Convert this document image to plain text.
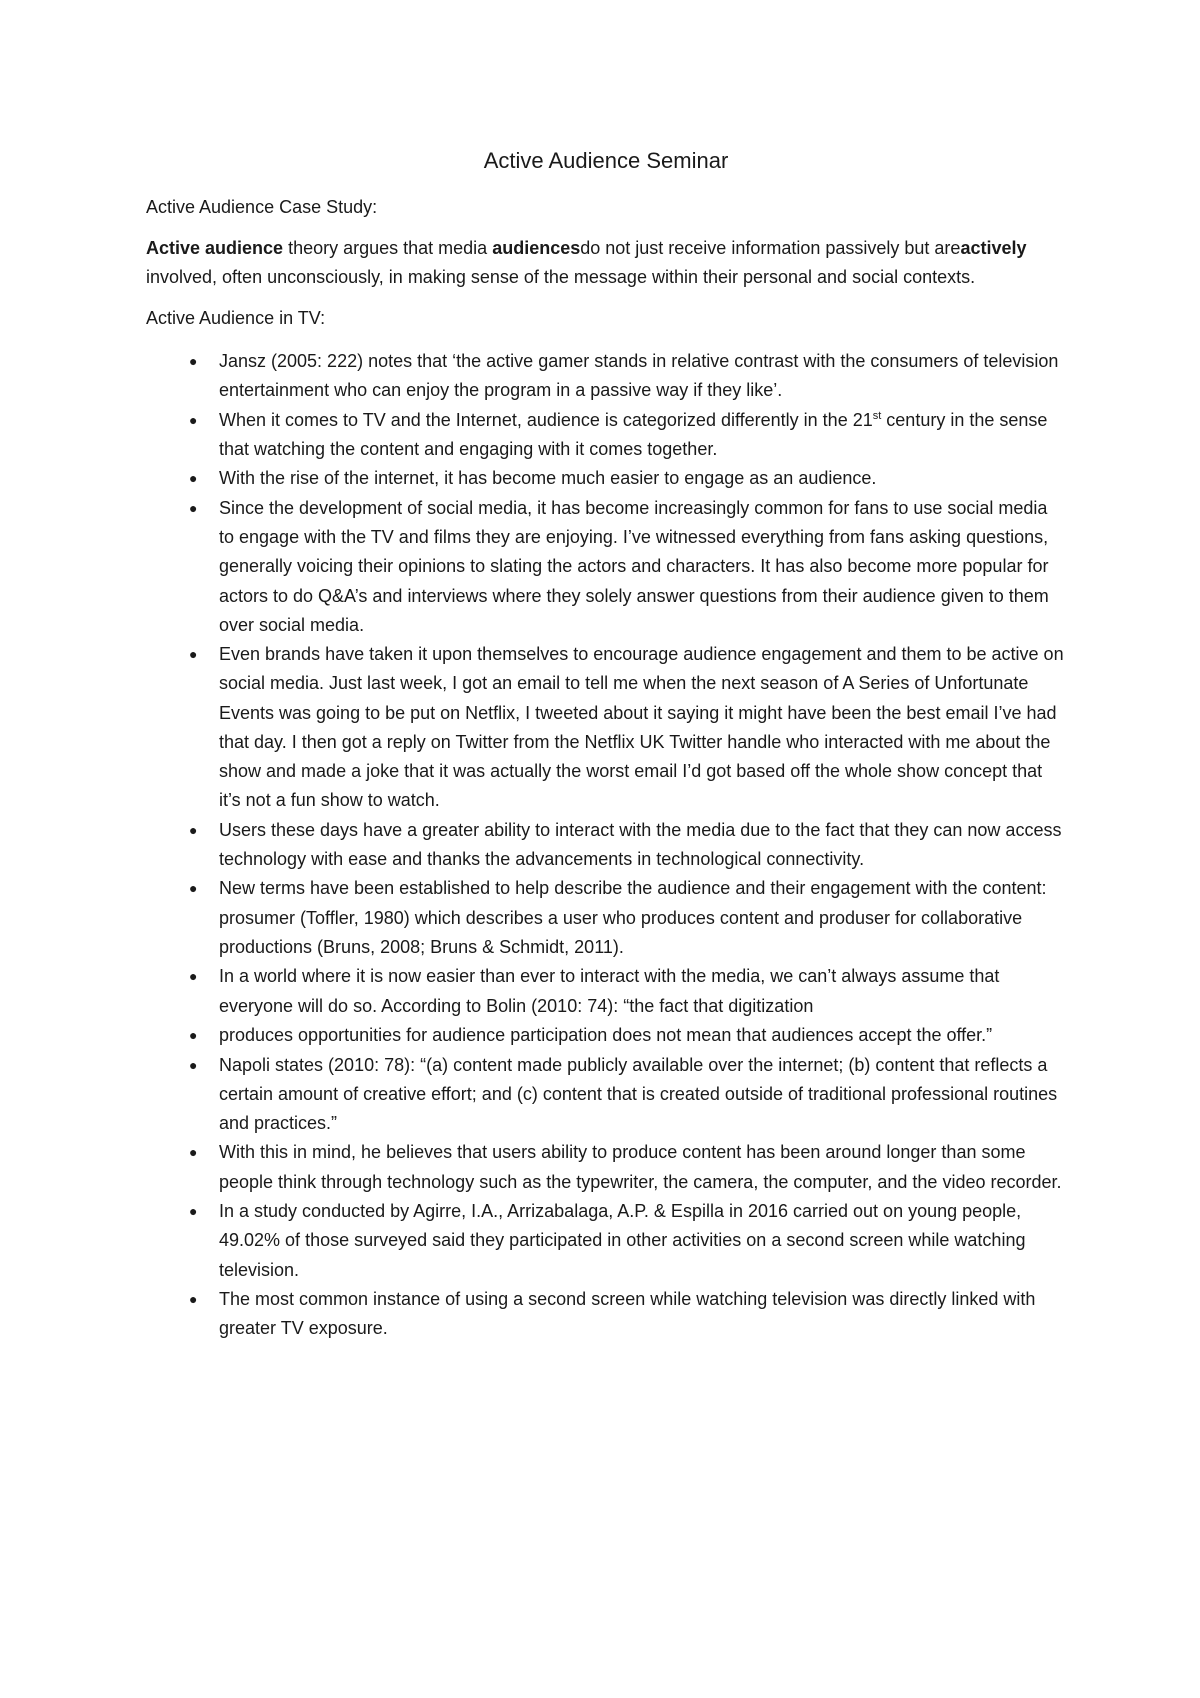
Active Audience Seminar

Active Audience Case Study:

Active audience theory argues that media audiencesdo not just receive information passively but areactively involved, often unconsciously, in making sense of the message within their personal and social contexts.

Active Audience in TV:

● Jansz (2005: 222) notes that ‘the active gamer stands in relative contrast with the consumers of television entertainment who can enjoy the program in a passive way if they like’.
● When it comes to TV and the Internet, audience is categorized differently in the 21st century in the sense that watching the content and engaging with it comes together.
● With the rise of the internet, it has become much easier to engage as an audience.
● Since the development of social media, it has become increasingly common for fans to use social media to engage with the TV and films they are enjoying. I’ve witnessed everything from fans asking questions, generally voicing their opinions to slating the actors and characters. It has also become more popular for actors to do Q&A’s and interviews where they solely answer questions from their audience given to them over social media.
● Even brands have taken it upon themselves to encourage audience engagement and them to be active on social media. Just last week, I got an email to tell me when the next season of A Series of Unfortunate Events was going to be put on Netflix, I tweeted about it saying it might have been the best email I’ve had that day. I then got a reply on Twitter from the Netflix UK Twitter handle who interacted with me about the show and made a joke that it was actually the worst email I’d got based off the whole show concept that it’s not a fun show to watch.
● Users these days have a greater ability to interact with the media due to the fact that they can now access technology with ease and thanks the advancements in technological connectivity.
● New terms have been established to help describe the audience and their engagement with the content: prosumer (Toffler, 1980) which describes a user who produces content and produser for collaborative productions (Bruns, 2008; Bruns & Schmidt, 2011).
● In a world where it is now easier than ever to interact with the media, we can’t always assume that everyone will do so. According to Bolin (2010: 74): “the fact that digitization
● produces opportunities for audience participation does not mean that audiences accept the offer.”
● Napoli states (2010: 78): “(a) content made publicly available over the internet; (b) content that reflects a certain amount of creative effort; and (c) content that is created outside of traditional professional routines and practices.”
● With this in mind, he believes that users ability to produce content has been around longer than some people think through technology such as the typewriter, the camera, the computer, and the video recorder.
● In a study conducted by Agirre, I.A., Arrizabalaga, A.P. & Espilla in 2016 carried out on young people, 49.02% of those surveyed said they participated in other activities on a second screen while watching television.
● The most common instance of using a second screen while watching television was directly linked with greater TV exposure.
